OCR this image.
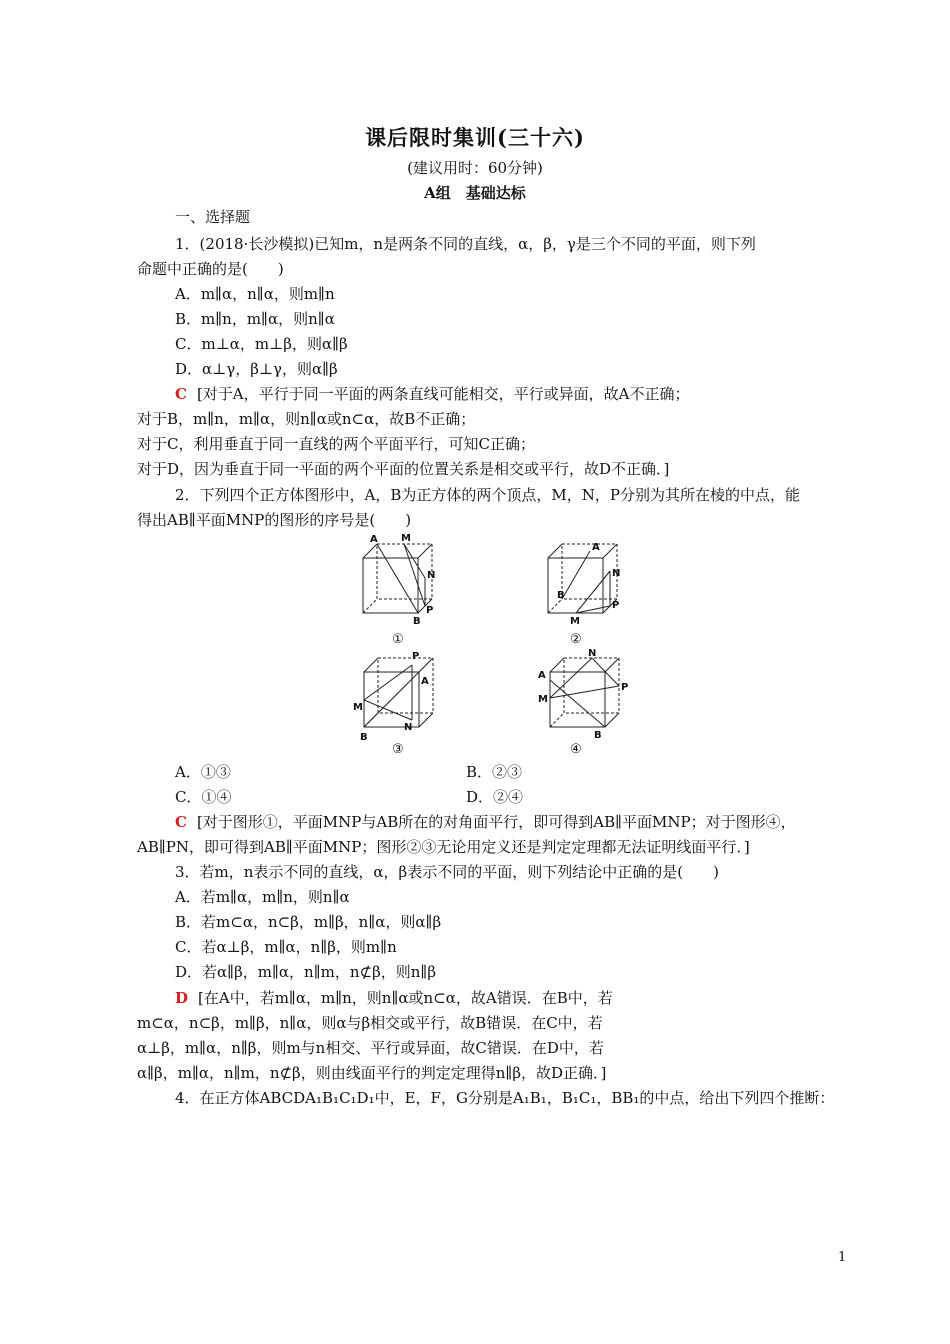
课后限时集训(三十六)
(建议用时：60分钟)
A组　基础达标
一、选择题
1．(2018·长沙模拟)已知m，n是两条不同的直线，α，β，γ是三个不同的平面，则下列
命题中正确的是(　　)
A．m∥α，n∥α，则m∥n
B．m∥n，m∥α，则n∥α
C．m⊥α，m⊥β，则α∥β
D．α⊥γ，β⊥γ，则α∥β
C [对于A，平行于同一平面的两条直线可能相交，平行或异面，故A不正确；
对于B，m∥n，m∥α，则n∥α或n⊂α，故B不正确；
对于C，利用垂直于同一直线的两个平面平行，可知C正确；
对于D，因为垂直于同一平面的两个平面的位置关系是相交或平行，故D不正确．]
2．下列四个正方体图形中，A，B为正方体的两个顶点，M，N，P分别为其所在棱的中点，能
得出AB∥平面MNP的图形的序号是(　　)
A M
N
P
B
①
A
N
B
P
M
②
P
A
M
N
B
③
N
A
M
P
B
④
A．①③	B．②③
C．①④	D．②④
C [对于图形①，平面MNP与AB所在的对角面平行，即可得到AB∥平面MNP；对于图形④，
AB∥PN，即可得到AB∥平面MNP；图形②③无论用定义还是判定定理都无法证明线面平行．]
3．若m，n表示不同的直线，α，β表示不同的平面，则下列结论中正确的是(　　)
A．若m∥α，m∥n，则n∥α
B．若m⊂α，n⊂β，m∥β，n∥α，则α∥β
C．若α⊥β，m∥α，n∥β，则m∥n
D．若α∥β，m∥α，n∥m，n⊄β，则n∥β
D [在A中，若m∥α，m∥n，则n∥α或n⊂α，故A错误．在B中，若
m⊂α，n⊂β，m∥β，n∥α，则α与β相交或平行，故B错误．在C中，若
α⊥β，m∥α，n∥β，则m与n相交、平行或异面，故C错误．在D中，若
α∥β，m∥α，n∥m，n⊄β，则由线面平行的判定定理得n∥β，故D正确．]
4．在正方体ABCDA₁B₁C₁D₁中，E，F，G分别是A₁B₁，B₁C₁，BB₁的中点，给出下列四个推断：
1
